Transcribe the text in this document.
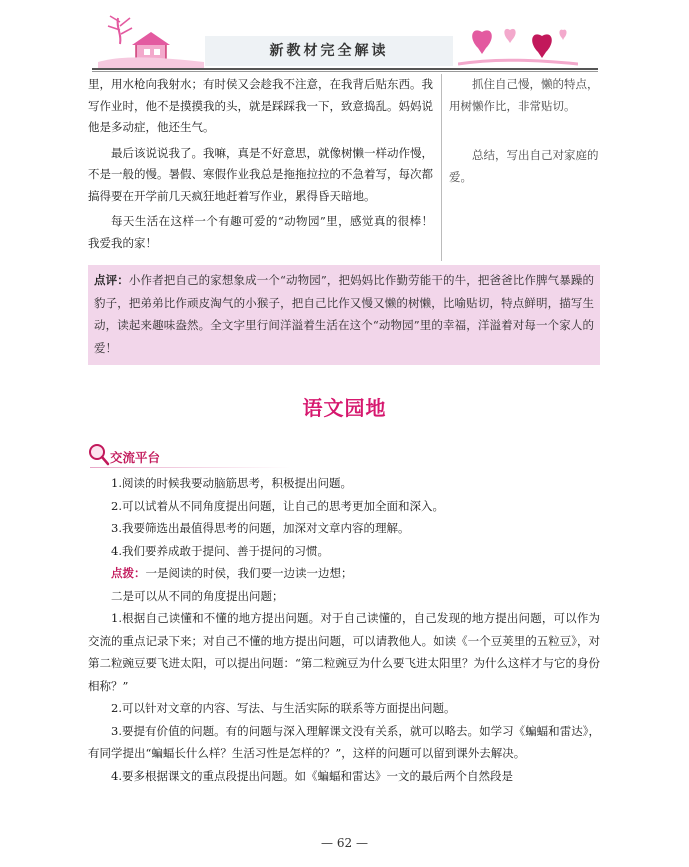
新教材完全解读

里，用水枪向我射水；有时侯又会趁我不注意，在我背后贴东西。我写作业时，他不是摸摸我的头，就是踩踩我一下，致意捣乱。妈妈说他是多动症，他还生气。

最后该说说我了。我嘛，真是不好意思，就像树懒一样动作慢，不是一般的慢。暑假、寒假作业我总是拖拖拉拉的不急着写，每次都搞得要在开学前几天疯狂地赶着写作业，累得昏天暗地。

每天生活在这样一个有趣可爱的“动物园”里，感觉真的很棒！我爱我的家！

抓住自己慢，懒的特点，用树懒作比，非常贴切。

总结，写出自己对家庭的爱。

点评：小作者把自己的家想象成一个“动物园”，把妈妈比作勤劳能干的牛，把爸爸比作脾气暴躁的豹子，把弟弟比作顽皮淘气的小猴子，把自己比作又慢又懒的树懒，比喻贴切，特点鲜明，描写生动，读起来趣味盎然。全文字里行间洋溢着生活在这个“动物园”里的幸福，洋溢着对每一个家人的爱！
语文园地
交流平台

1.阅读的时候我要动脑筋思考，积极提出问题。

2.可以试着从不同角度提出问题，让自己的思考更加全面和深入。

3.我要筛选出最值得思考的问题，加深对文章内容的理解。

4.我们要养成敢于提问、善于提问的习惯。

点拨：一是阅读的时侯，我们要一边读一边想；

二是可以从不同的角度提出问题；

1.根据自己读懂和不懂的地方提出问题。对于自己读懂的，自己发现的地方提出问题，可以作为交流的重点记录下来；对自己不懂的地方提出问题，可以请教他人。如读《一个豆荚里的五粒豆》，对第二粒豌豆要飞进太阳，可以提出问题：“第二粒豌豆为什么要飞进太阳里？为什么这样才与它的身份相称？”

2.可以针对文章的内容、写法、与生活实际的联系等方面提出问题。

3.要提有价值的问题。有的问题与深入理解课文没有关系，就可以略去。如学习《蝙蝠和雷达》，有同学提出“蝙蝠长什么样？生活习性是怎样的？”，这样的问题可以留到课外去解决。

4.要多根据课文的重点段提出问题。如《蝙蝠和雷达》一文的最后两个自然段是

— 62 —
